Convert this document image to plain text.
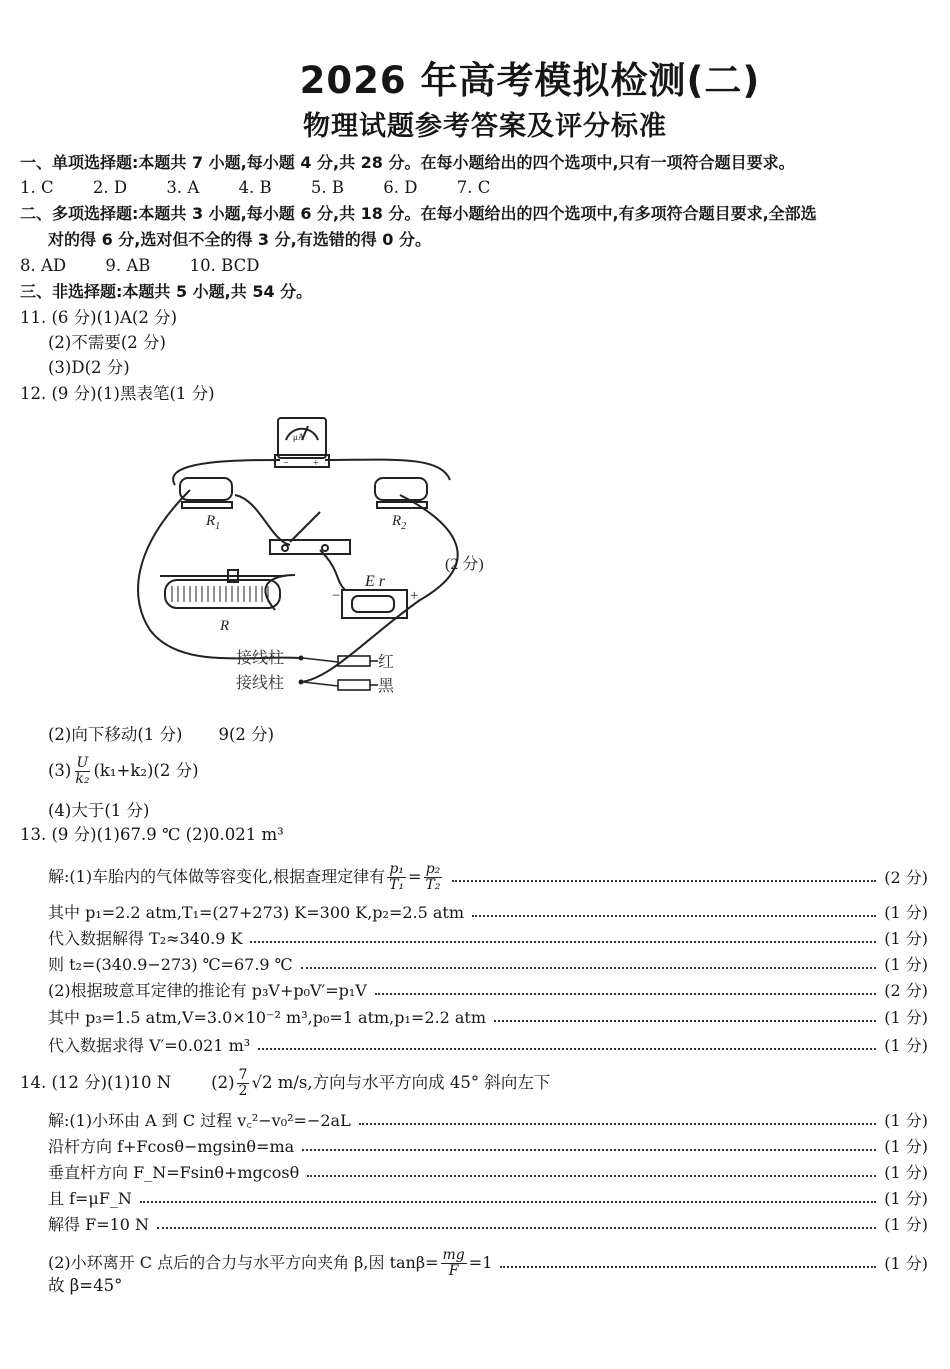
2026 年高考模拟检测(二)
物理试题参考答案及评分标准
一、单项选择题:本题共 7 小题,每小题 4 分,共 28 分。在每小题给出的四个选项中,只有一项符合题目要求。
1. C 2. D 3. A 4. B 5. B 6. D 7. C
二、多项选择题:本题共 3 小题,每小题 6 分,共 18 分。在每小题给出的四个选项中,有多项符合题目要求,全部选
对的得 6 分,选对但不全的得 3 分,有选错的得 0 分。
8. AD 9. AB 10. BCD
三、非选择题:本题共 5 小题,共 54 分。
11. (6 分)(1)A(2 分)
(2)不需要(2 分)
(3)D(2 分)
12. (9 分)(1)黑表笔(1 分)
μA
− +
$R_1$	$R_2$
R
E r
−	+
(2 分)
接线柱
接线柱
红
黑
(2)向下移动(1 分) 9(2 分)
$(3) \frac{U}{\text{k₂}} (k_1+k_2)(2$ 分)
(4)大于(1 分)
13. (9 分)(1)67.9 ℃ (2)0.021 m³
解:(1)车胎内的气体做等容变化,根据查理定律有 $\frac{\text{p₁}}{\text{T₁}} = \frac{\text{p₂}}{\text{T₂}}$	(2 分)
其中 p₁=2.2 atm,T₁=(27+273) K=300 K,p₂=2.5 atm	(1 分)
代入数据解得 T₂≈340.9 K	(1 分)
则 t₂=(340.9−273) ℃=67.9 ℃	(1 分)
(2)根据玻意耳定律的推论有 p₃V+p₀V′=p₁V	(2 分)
其中 p₃=1.5 atm,V=3.0×10⁻² m³,p₀=1 atm,p₁=2.2 atm	(1 分)
代入数据求得 V′=0.021 m³	(1 分)
14. (12 分)(1)10 N $(2) \frac{7}{2} √2$ m/s,方向与水平方向成 45° 斜向左下
解:(1)小环由 A 到 C 过程 v꜀²−v₀²=−2aL	(1 分)
沿杆方向 f+Fcosθ−mgsinθ=ma	(1 分)
垂直杆方向 F_N=Fsinθ+mgcosθ	(1 分)
且 f=μF_N	(1 分)
解得 F=10 N	(1 分)
(2)小环离开 C 点后的合力与水平方向夹角 β,因 $\tan\beta= \frac{mg}{F} =1$	(1 分)
故 β=45°
